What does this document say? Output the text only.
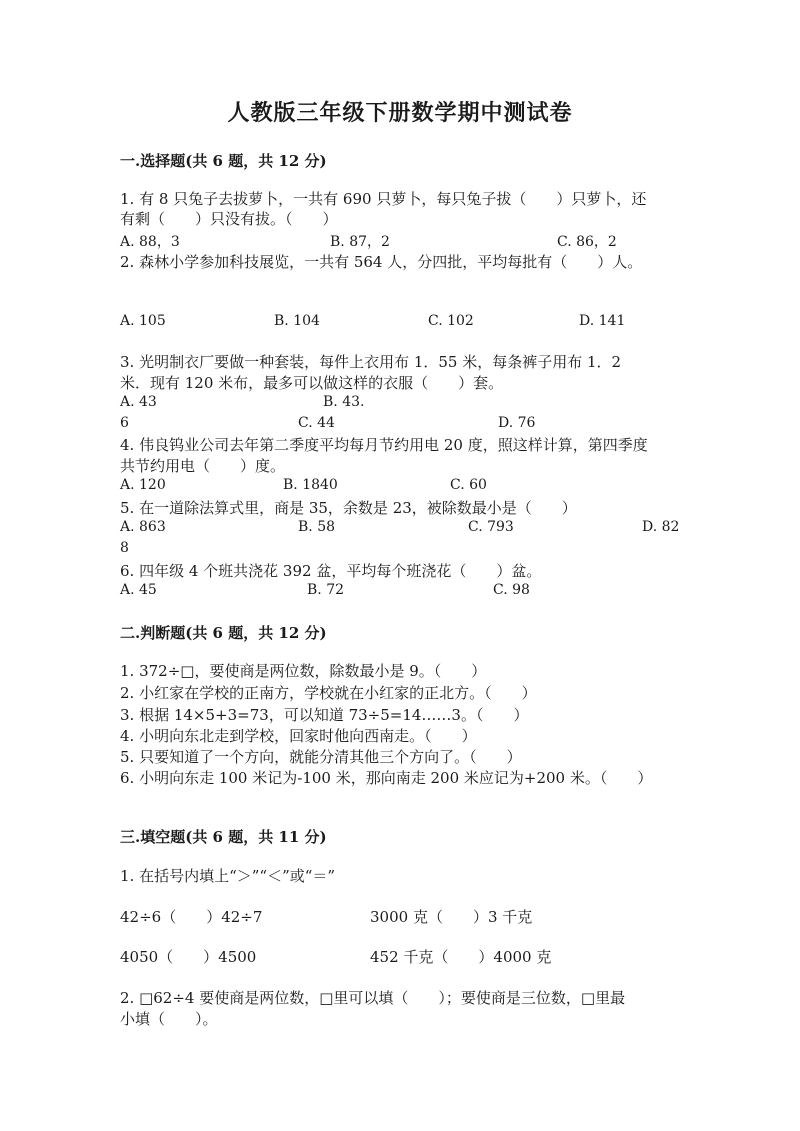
人教版三年级下册数学期中测试卷
一.选择题(共 6 题，共 12 分)
1. 有 8 只兔子去拔萝卜，一共有 690 只萝卜，每只兔子拔（　　）只萝卜，还
有剩（　　）只没有拔。（　　）
A. 88，3	B. 87，2	C. 86，2
2. 森林小学参加科技展览，一共有 564 人，分四批，平均每批有（　　）人。
A. 105	B. 104	C. 102	D. 141
3. 光明制衣厂要做一种套装，每件上衣用布 1．55 米，每条裤子用布 1．2
米．现有 120 米布，最多可以做这样的衣服（　　）套。
A. 43	B. 43.
6	C. 44	D. 76
4. 伟良钨业公司去年第二季度平均每月节约用电 20 度，照这样计算，第四季度
共节约用电（　　）度。
A. 120	B. 1840	C. 60
5. 在一道除法算式里，商是 35，余数是 23，被除数最小是（　　）
A. 863	B. 58	C. 793	D. 82
8
6. 四年级 4 个班共浇花 392 盆，平均每个班浇花（　　）盆。
A. 45	B. 72	C. 98
二.判断题(共 6 题，共 12 分)
1. 372÷□，要使商是两位数，除数最小是 9。（　　）
2. 小红家在学校的正南方，学校就在小红家的正北方。（　　）
3. 根据 14×5+3=73，可以知道 73÷5=14……3。（　　）
4. 小明向东北走到学校，回家时他向西南走。（　　）
5. 只要知道了一个方向，就能分清其他三个方向了。（　　）
6. 小明向东走 100 米记为-100 米，那向南走 200 米应记为+200 米。（　　）
三.填空题(共 6 题，共 11 分)
1. 在括号内填上“＞”“＜”或“＝”
42÷6（　　）42÷7	3000 克（　　）3 千克
4050（　　）4500	452 千克（　　）4000 克
2. □62÷4 要使商是两位数，□里可以填（　　）；要使商是三位数，□里最
小填（　　）。
